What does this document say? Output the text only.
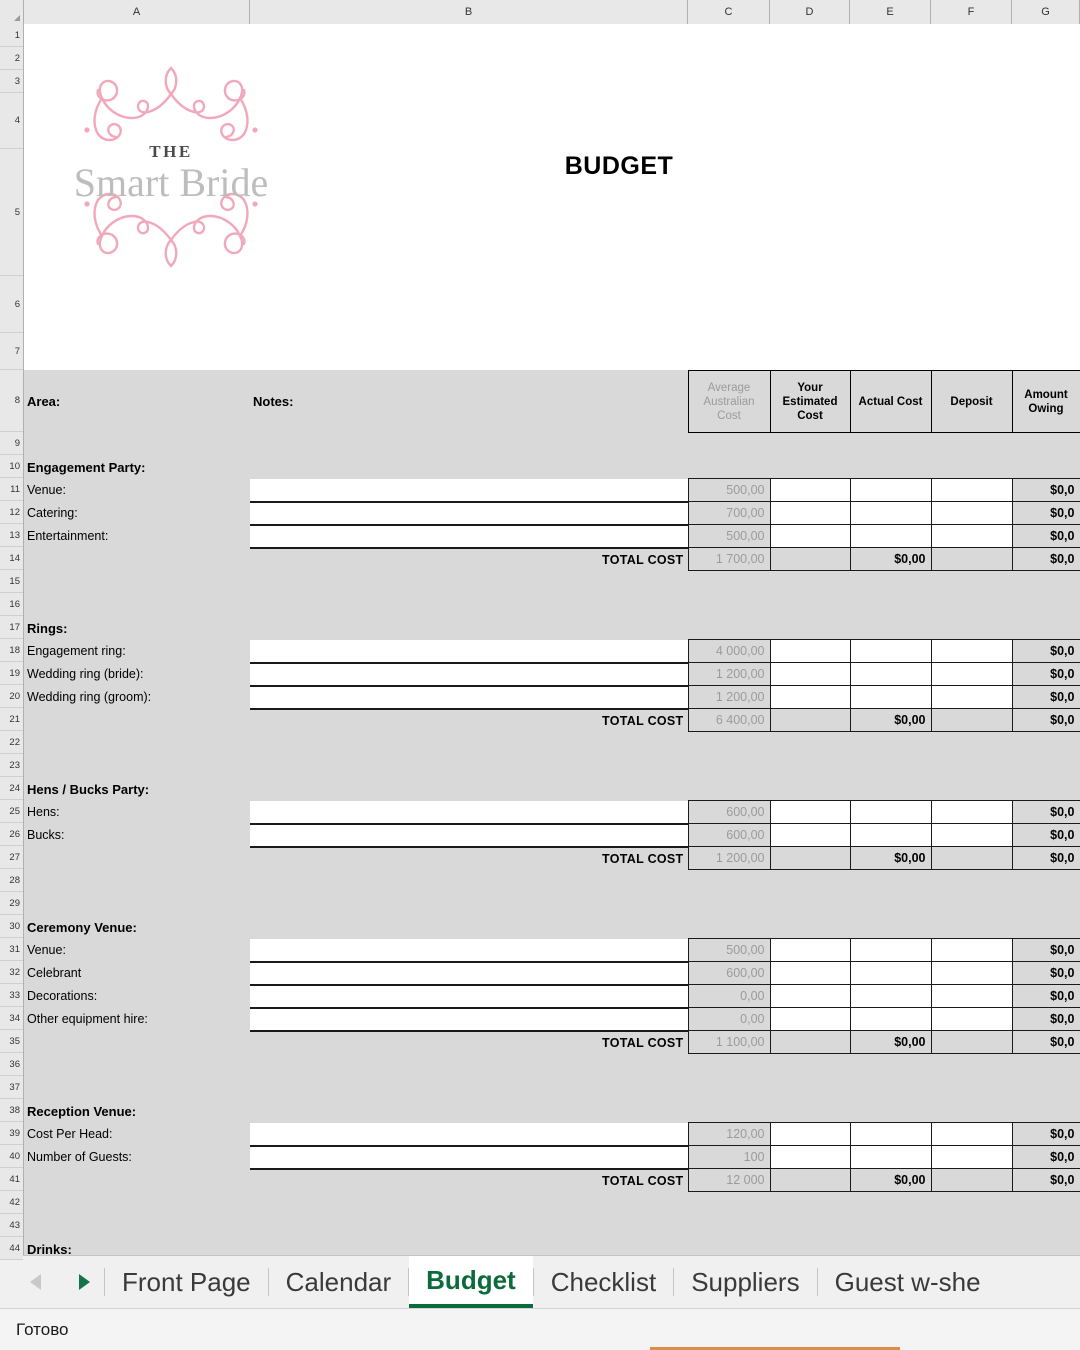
A	B	C	D	E	F	G
1
2
3
4
5
6
7
8
9
10
11
12
13
14
15
16
17
18
19
20
21
22
23
24
25
26
27
28
29
30
31
32
33
34
35
36
37
38
39
40
41
42
43
44
THE
Smart Bride	BUDGET
Area:	Notes:	Average Australian Cost	Your Estimated Cost	Actual Cost	Deposit	Amount Owing

Engagement Party:						
Venue:		500,00				$0,0
Catering:		700,00				$0,0
Entertainment:		500,00				$0,0
	TOTAL COST	1 700,00		$0,00		$0,0

Rings:						
Engagement ring:		4 000,00				$0,0
Wedding ring (bride):		1 200,00				$0,0
Wedding ring (groom):		1 200,00				$0,0
	TOTAL COST	6 400,00		$0,00		$0,0

Hens / Bucks Party:						
Hens:		600,00				$0,0
Bucks:		600,00				$0,0
	TOTAL COST	1 200,00		$0,00		$0,0

Ceremony Venue:						
Venue:		500,00				$0,0
Celebrant		600,00				$0,0
Decorations:		0,00				$0,0
Other equipment hire:		0,00				$0,0
	TOTAL COST	1 100,00		$0,00		$0,0

Reception Venue:						
Cost Per Head:		120,00				$0,0
Number of Guests:		100				$0,0
	TOTAL COST	12 000		$0,00		$0,0

Drinks:						

Front Page	Calendar	Budget	Checklist	Suppliers	Guest w-she
Готово
